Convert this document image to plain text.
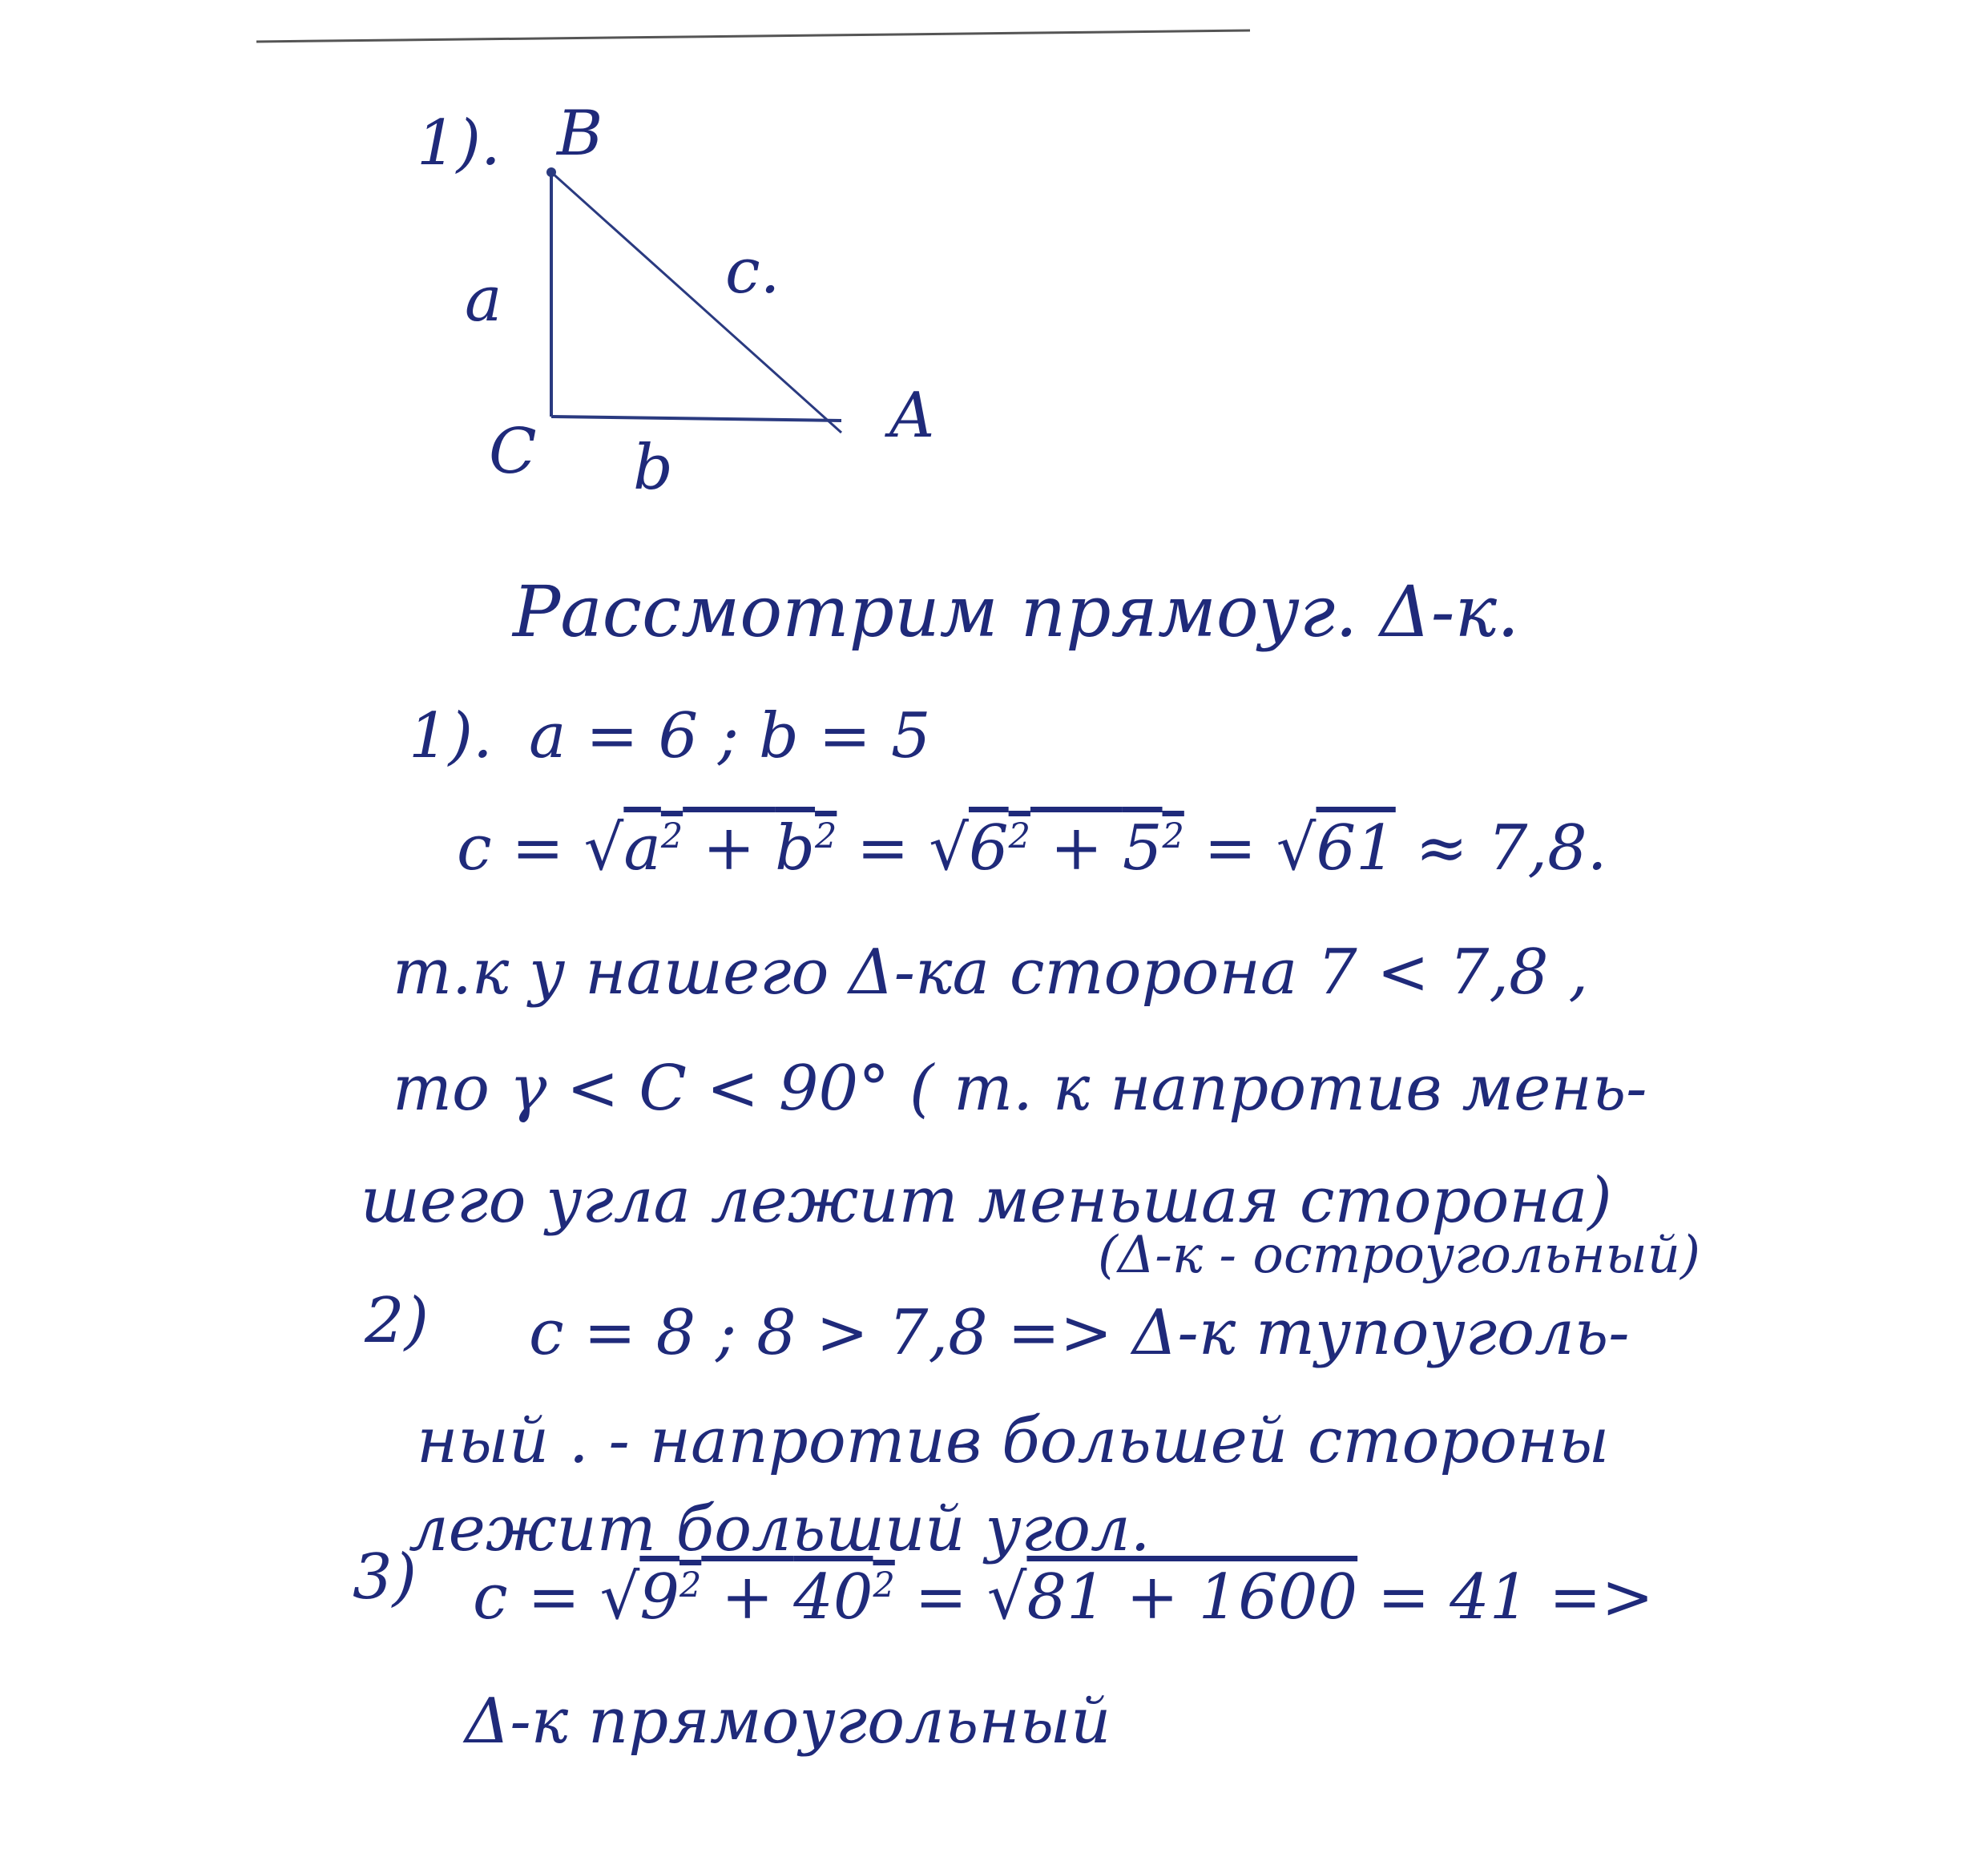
1). B
c.
a
A
C b
Рассмотрим прямоуг. Δ-к.
1). a = 6 ; b = 5
$c = √a^2 + b^2 = √6^2 + 5^2 = √61 \approx 7,8$.
т.к у нашего Δ-ка сторона 7 < 7,8 ,
то γ < C < 90° ( т. к напротив мень-
шего угла лежит меньшая сторона)
(Δ-к - остроугольный)
2) c = 8 ; 8 > 7,8 => Δ-к тупоуголь-
ный . - напротив большей стороны
лежит больший угол.
3) $c = √9^2 + 40^2 = √81 + 1600 = 41$ =>
Δ-к прямоугольный
